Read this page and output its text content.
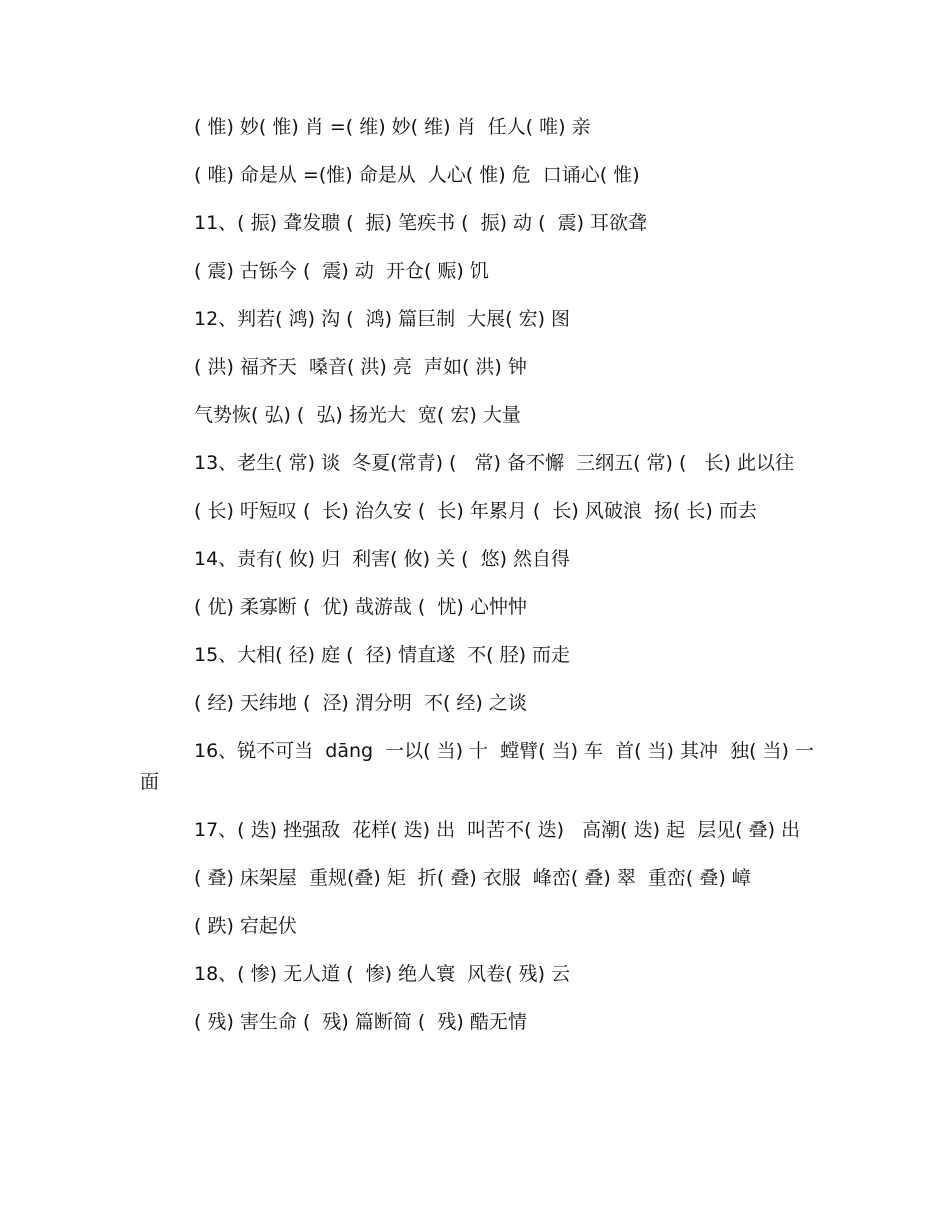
( 惟) 妙( 惟) 肖 =( 维) 妙( 维) 肖  任人( 唯) 亲

( 唯) 命是从 =(惟) 命是从  人心( 惟) 危  口诵心( 惟)

11、( 振) 聋发聩 (  振) 笔疾书 (  振) 动 (  震) 耳欲聋

( 震) 古铄今 (  震) 动  开仓( 赈) 饥

12、判若( 鸿) 沟 (  鸿) 篇巨制  大展( 宏) 图

( 洪) 福齐天  嗓音( 洪) 亮  声如( 洪) 钟

气势恢( 弘) (  弘) 扬光大  宽( 宏) 大量

13、老生( 常) 谈  冬夏(常青) (   常) 备不懈  三纲五( 常) (   长) 此以往

( 长) 吁短叹 (  长) 治久安 (  长) 年累月 (  长) 风破浪  扬( 长) 而去

14、责有( 攸) 归  利害( 攸) 关 (  悠) 然自得

( 优) 柔寡断 (  优) 哉游哉 (  忧) 心忡忡

15、大相( 径) 庭 (  径) 情直遂  不( 胫) 而走

( 经) 天纬地 (  泾) 渭分明  不( 经) 之谈

16、锐不可当  dāng  一以( 当) 十  螳臂( 当) 车  首( 当) 其冲  独( 当) 一面

17、( 迭) 挫强敌  花样( 迭) 出  叫苦不( 迭)   高潮( 迭) 起  层见( 叠) 出

( 叠) 床架屋  重规(叠) 矩  折( 叠) 衣服  峰峦( 叠) 翠  重峦( 叠) 嶂

( 跌) 宕起伏

18、( 惨) 无人道 (  惨) 绝人寰  风卷( 残) 云

( 残) 害生命 (  残) 篇断简 (  残) 酷无情
